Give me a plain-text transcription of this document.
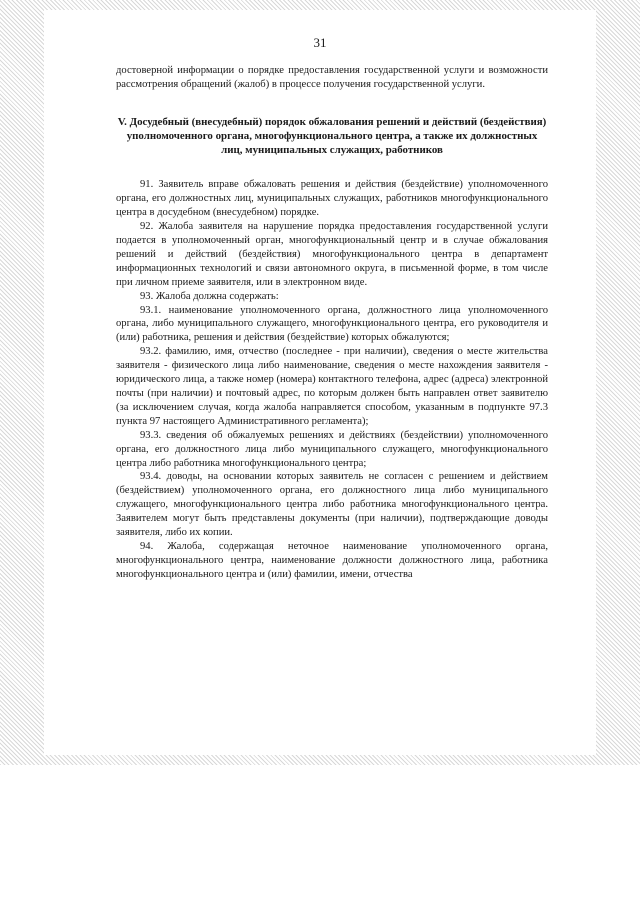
31

достоверной информации о порядке предоставления государственной услуги и возможности рассмотрения обращений (жалоб) в процессе получения государственной услуги.

V. Досудебный (внесудебный) порядок обжалования решений и действий (бездействия) уполномоченного органа, многофункционального центра, а также их должностных лиц, муниципальных служащих, работников

91. Заявитель вправе обжаловать решения и действия (бездействие) уполномоченного органа, его должностных лиц, муниципальных служащих, работников многофункционального центра в досудебном (внесудебном) порядке.

92. Жалоба заявителя на нарушение порядка предоставления государственной услуги подается в уполномоченный орган, многофункциональный центр и в случае обжалования решений и действий (бездействия) многофункционального центра в департамент информационных технологий и связи автономного округа, в письменной форме, в том числе при личном приеме заявителя, или в электронном виде.

93. Жалоба должна содержать:

93.1. наименование уполномоченного органа, должностного лица уполномоченного органа, либо муниципального служащего, многофункционального центра, его руководителя и (или) работника, решения и действия (бездействие) которых обжалуются;

93.2. фамилию, имя, отчество (последнее - при наличии), сведения о месте жительства заявителя - физического лица либо наименование, сведения о месте нахождения заявителя - юридического лица, а также номер (номера) контактного телефона, адрес (адреса) электронной почты (при наличии) и почтовый адрес, по которым должен быть направлен ответ заявителю (за исключением случая, когда жалоба направляется способом, указанным в подпункте 97.3 пункта 97 настоящего Административного регламента);

93.3. сведения об обжалуемых решениях и действиях (бездействии) уполномоченного органа, его должностного лица либо муниципального служащего, многофункционального центра либо работника многофункционального центра;

93.4. доводы, на основании которых заявитель не согласен с решением и действием (бездействием) уполномоченного органа, его должностного лица либо муниципального служащего, многофункционального центра либо работника многофункционального центра. Заявителем могут быть представлены документы (при наличии), подтверждающие доводы заявителя, либо их копии.

94. Жалоба, содержащая неточное наименование уполномоченного органа, многофункционального центра, наименование должности должностного лица, работника многофункционального центра и (или) фамилии, имени, отчества
